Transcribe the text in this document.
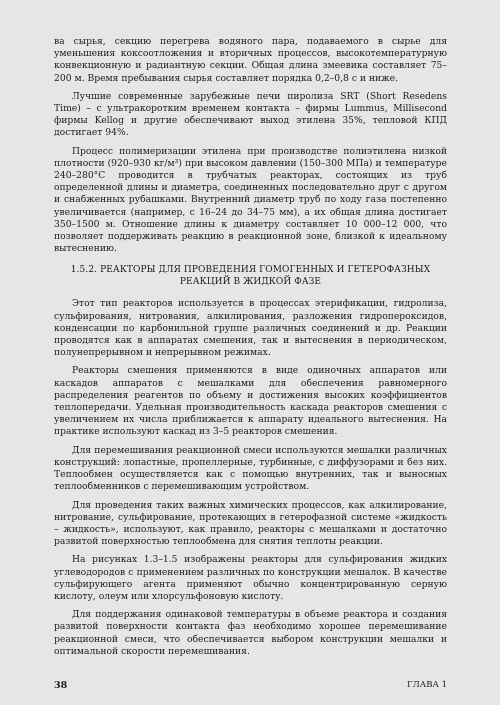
ва сырья, секцию перегрева водяного пара, подаваемого в сырье для уменьшения коксоотложения и вторичных процессов, высокотемпературную конвекционную и радиантную секции. Общая длина змеевика составляет 75–200 м. Время пребывания сырья составляет порядка 0,2–0,8 с и ниже.

Лучшие современные зарубежные печи пиролиза SRT (Short Resedens Time) – с ультракоротким временем контакта – фирмы Lummus, Millisecond фирмы Kellog и другие обеспечивают выход этилена 35%, тепловой КПД достигает 94%.

Процесс полимеризации этилена при производстве полиэтилена низкой плотности (920–930 кг/м³) при высоком давлении (150–300 МПа) и температуре 240–280°С проводится в трубчатых реакторах, состоящих из труб определенной длины и диаметра, соединенных последовательно друг с другом и снабженных рубашками. Внутренний диаметр труб по ходу газа постепенно увеличивается (например, с 16–24 до 34–75 мм), а их общая длина достигает 350–1500 м. Отношение длины к диаметру составляет 10 000–12 000, что позволяет поддерживать реакцию в реакционной зоне, близкой к идеальному вытеснению.

1.5.2. РЕАКТОРЫ ДЛЯ ПРОВЕДЕНИЯ ГОМОГЕННЫХ И ГЕТЕРОФАЗНЫХ РЕАКЦИЙ В ЖИДКОЙ ФАЗЕ

Этот тип реакторов используется в процессах этерификации, гидролиза, сульфирования, нитрования, алкилирования, разложения гидропероксидов, конденсации по карбонильной группе различных соединений и др. Реакции проводятся как в аппаратах смешения, так и вытеснения в периодическом, полунепрерывном и непрерывном режимах.

Реакторы смешения применяются в виде одиночных аппаратов или каскадов аппаратов с мешалками для обеспечения равномерного распределения реагентов по объему и достижения высоких коэффициентов теплопередачи. Удельная производительность каскада реакторов смешения с увеличением их числа приближается к аппарату идеального вытеснения. На практике используют каскад из 3–5 реакторов смешения.

Для перемешивания реакционной смеси используются мешалки различных конструкций: лопастные, пропеллерные, турбинные, с диффузорами и без них. Теплообмен осуществляется как с помощью внутренних, так и выносных теплообменников с перемешивающим устройством.

Для проведения таких важных химических процессов, как алкилирование, нитрование, сульфирование, протекающих в гетерофазной системе «жидкость – жидкость», используют, как правило, реакторы с мешалками и достаточно развитой поверхностью теплообмена для снятия теплоты реакции.

На рисунках 1.3–1.5 изображены реакторы для сульфирования жидких углеводородов с применением различных по конструкции мешалок. В качестве сульфирующего агента применяют обычно концентрированную серную кислоту, олеум или хлорсульфоновую кислоту.

Для поддержания одинаковой температуры в объеме реактора и создания развитой поверхности контакта фаз необходимо хорошее перемешивание реакционной смеси, что обеспечивается выбором конструкции мешалки и оптимальной скорости перемешивания.

38	ГЛАВА 1
